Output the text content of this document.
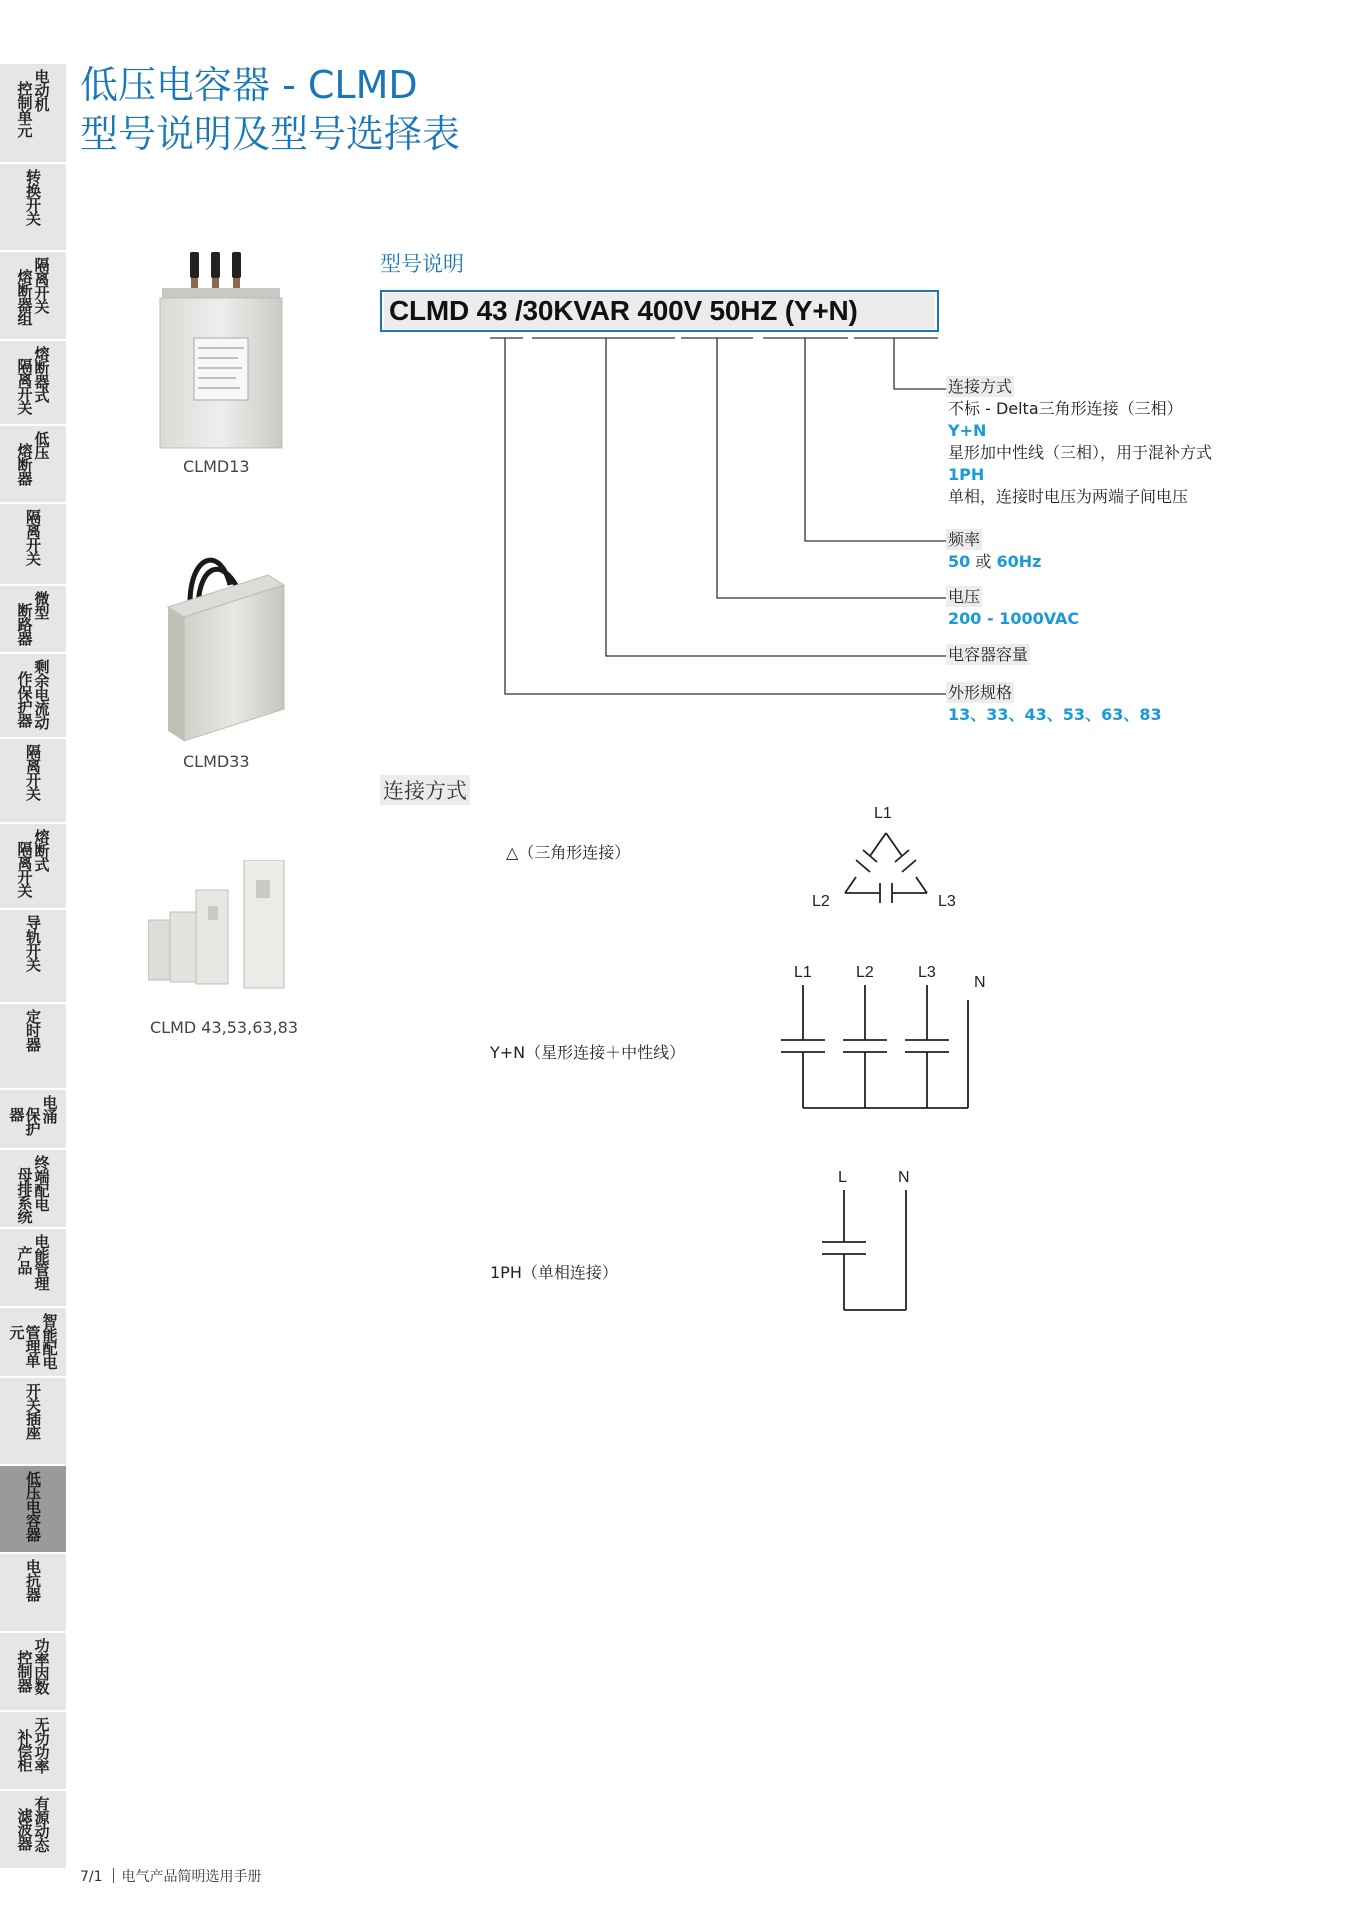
电动机
控制单元
转换开关
隔离开关
熔断器组
熔断器式
隔离开关
低压
熔断器
隔离开关
微型
断路器
剩余电流动
作保护器
隔离开关
熔断式
隔离开关
导轨开关
定时器
电涌
保护器
终端配电
母排系统
电能管理
产品
智能配电
管理单元
开关插座
低压电容器
电抗器
功率因数
控制器
无功功率
补偿柜
有源动态
滤波器
低压电容器 - CLMD
型号说明及型号选择表
CLMD13
CLMD33
CLMD 43,53,63,83
型号说明
CLMD 43 /30KVAR 400V 50HZ (Y+N)
连接方式
不标 - Delta三角形连接（三相）
Y+N
星形加中性线（三相），用于混补方式
1PH
单相，连接时电压为两端子间电压
频率
50 或 60Hz
电压
200 - 1000VAC
电容器容量
外形规格
13、33、43、53、63、83
连接方式
△（三角形连接）
Y+N（星形连接＋中性线）
1PH（单相连接）
L1
L2	L3
L1	L2	L3
N
L	N
7/1 电气产品简明选用手册
